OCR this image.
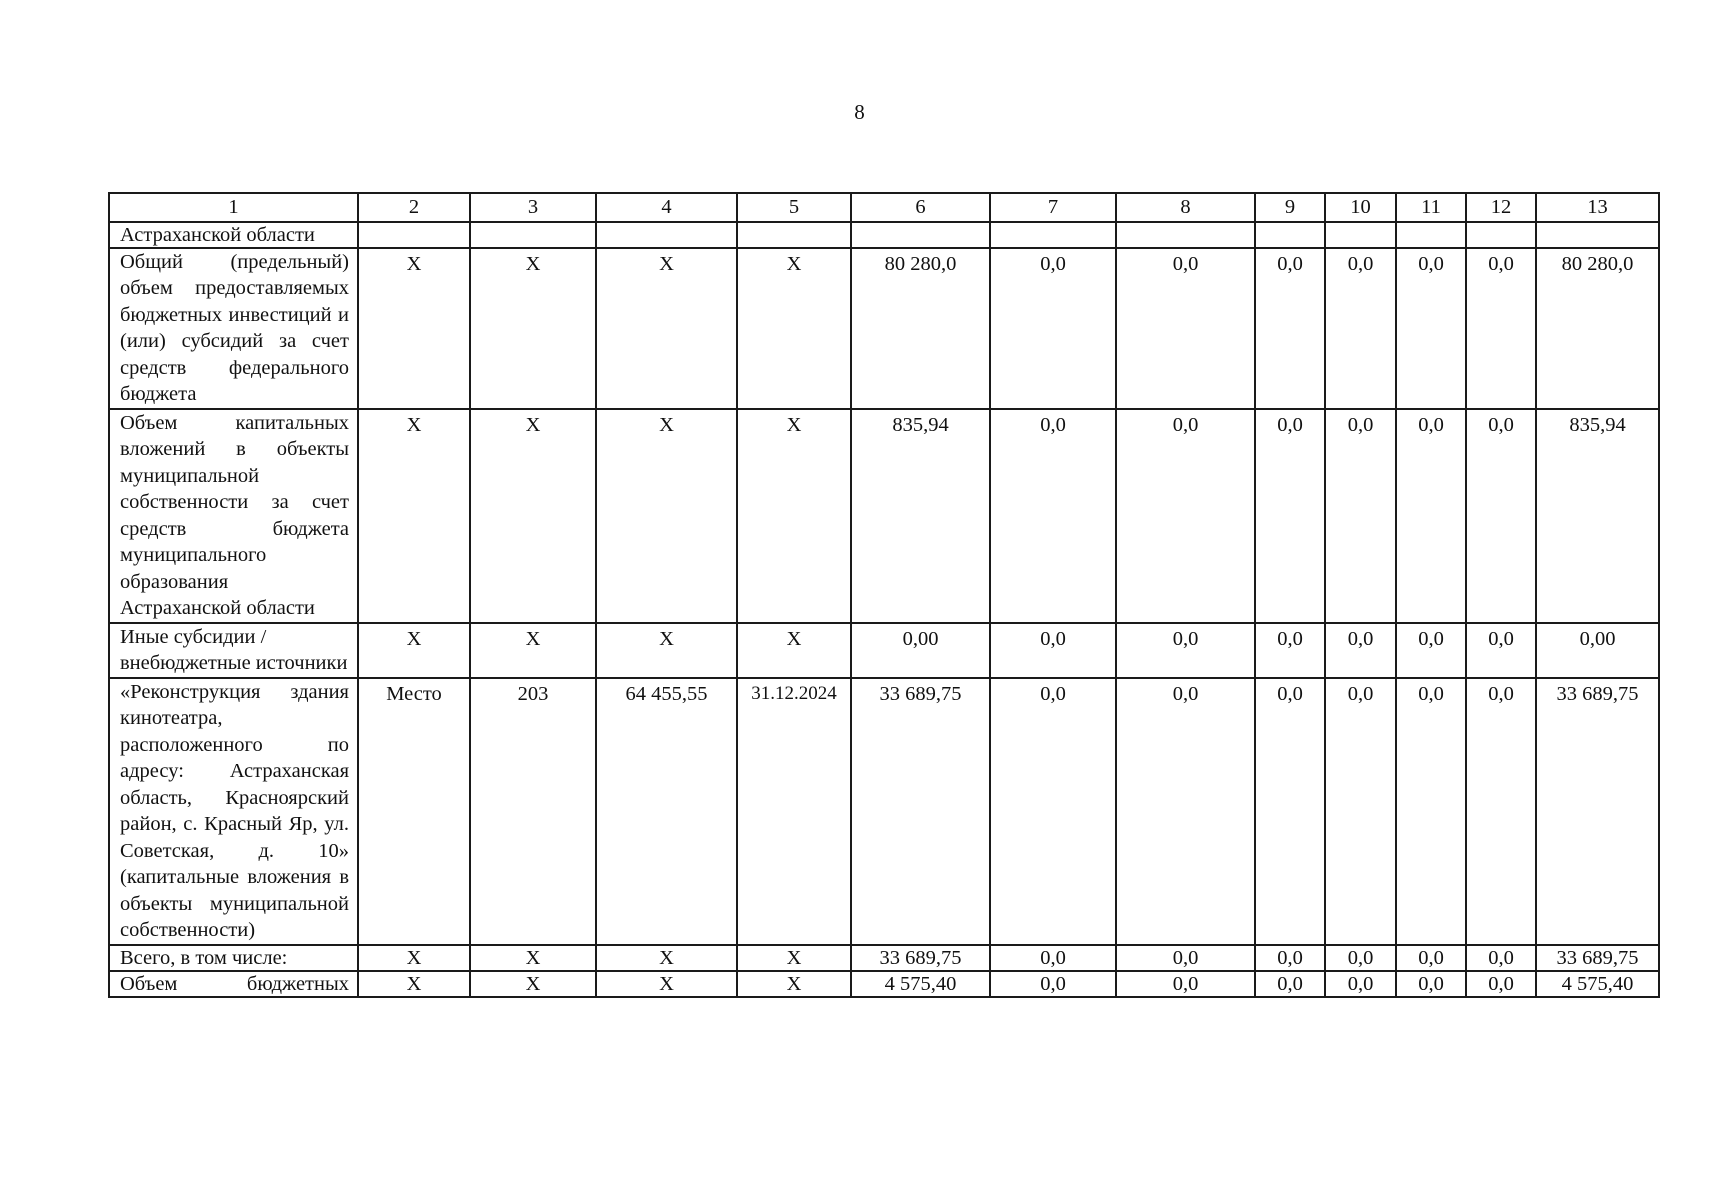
8
1	2	3	4	5	6	7	8	9	10	11	12	13
Астраханской области												
Общий (предельный) объем предоставляемых бюджетных инвестиций и (или) субсидий за счет средств федерального бюджета	X	X	X	X	80 280,0	0,0	0,0	0,0	0,0	0,0	0,0	80 280,0
Объем капитальных вложений в объекты муниципальной собственности за счет средств бюджета муниципального образования Астраханской области	X	X	X	X	835,94	0,0	0,0	0,0	0,0	0,0	0,0	835,94
Иные субсидии / внебюджетные источники	X	X	X	X	0,00	0,0	0,0	0,0	0,0	0,0	0,0	0,00
«Реконструкция здания кинотеатра, расположенного по адресу: Астраханская область, Красноярский район, с. Красный Яр, ул. Советская, д. 10» (капитальные вложения в объекты муниципальной собственности)	Место	203	64 455,55	31.12.2024	33 689,75	0,0	0,0	0,0	0,0	0,0	0,0	33 689,75
Всего, в том числе:	X	X	X	X	33 689,75	0,0	0,0	0,0	0,0	0,0	0,0	33 689,75
Объем бюджетных	X	X	X	X	4 575,40	0,0	0,0	0,0	0,0	0,0	0,0	4 575,40
